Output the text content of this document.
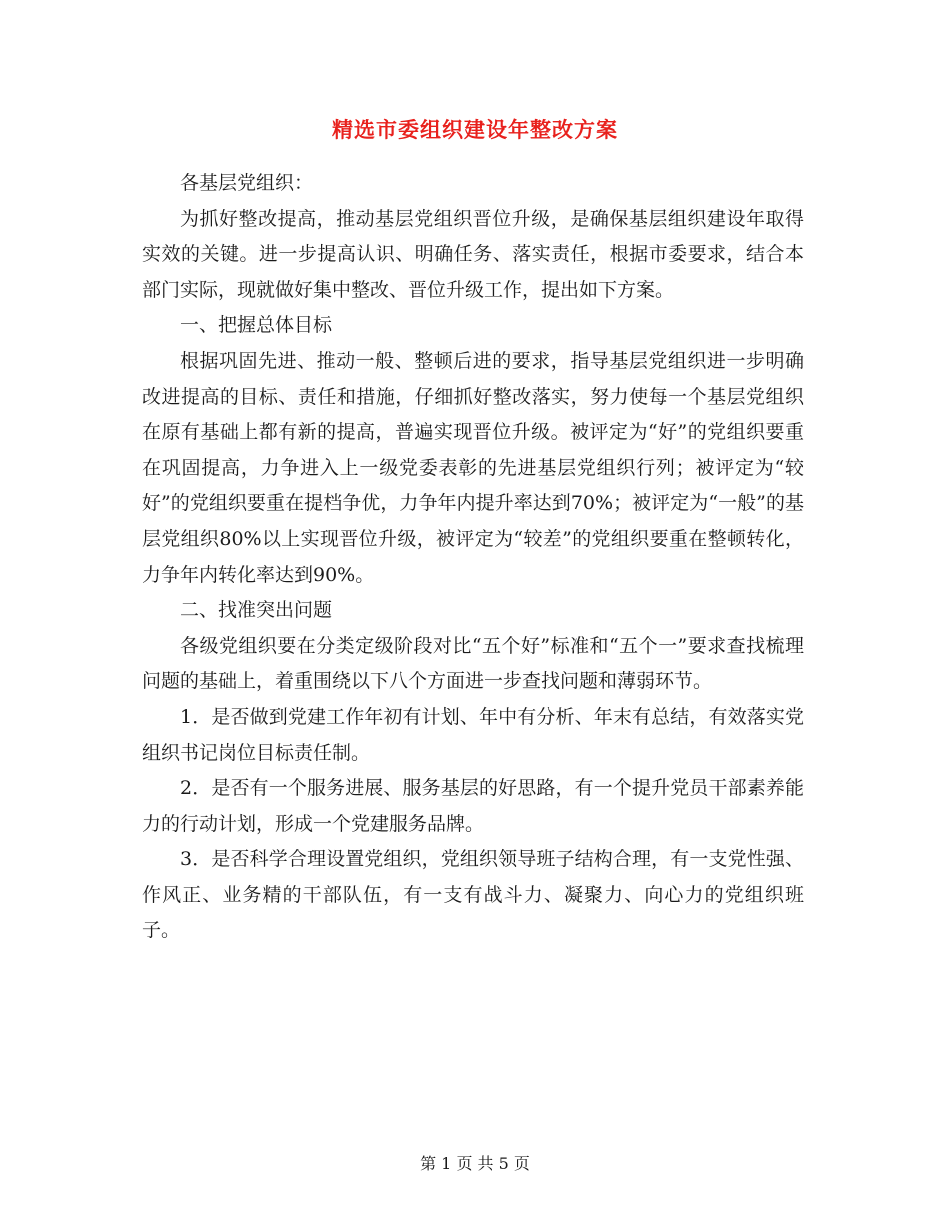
精选市委组织建设年整改方案

各基层党组织：

为抓好整改提高，推动基层党组织晋位升级，是确保基层组织建设年取得实效的关键。进一步提高认识、明确任务、落实责任，根据市委要求，结合本部门实际，现就做好集中整改、晋位升级工作，提出如下方案。

一、把握总体目标

根据巩固先进、推动一般、整顿后进的要求，指导基层党组织进一步明确改进提高的目标、责任和措施，仔细抓好整改落实，努力使每一个基层党组织在原有基础上都有新的提高，普遍实现晋位升级。被评定为“好”的党组织要重在巩固提高，力争进入上一级党委表彰的先进基层党组织行列；被评定为“较好”的党组织要重在提档争优，力争年内提升率达到70%；被评定为“一般”的基层党组织80%以上实现晋位升级，被评定为“较差”的党组织要重在整顿转化，力争年内转化率达到90%。

二、找准突出问题

各级党组织要在分类定级阶段对比“五个好”标准和“五个一”要求查找梳理问题的基础上，着重围绕以下八个方面进一步查找问题和薄弱环节。

1．是否做到党建工作年初有计划、年中有分析、年末有总结，有效落实党组织书记岗位目标责任制。

2．是否有一个服务进展、服务基层的好思路，有一个提升党员干部素养能力的行动计划，形成一个党建服务品牌。

3．是否科学合理设置党组织，党组织领导班子结构合理，有一支党性强、作风正、业务精的干部队伍，有一支有战斗力、凝聚力、向心力的党组织班子。

第 1 页 共 5 页
